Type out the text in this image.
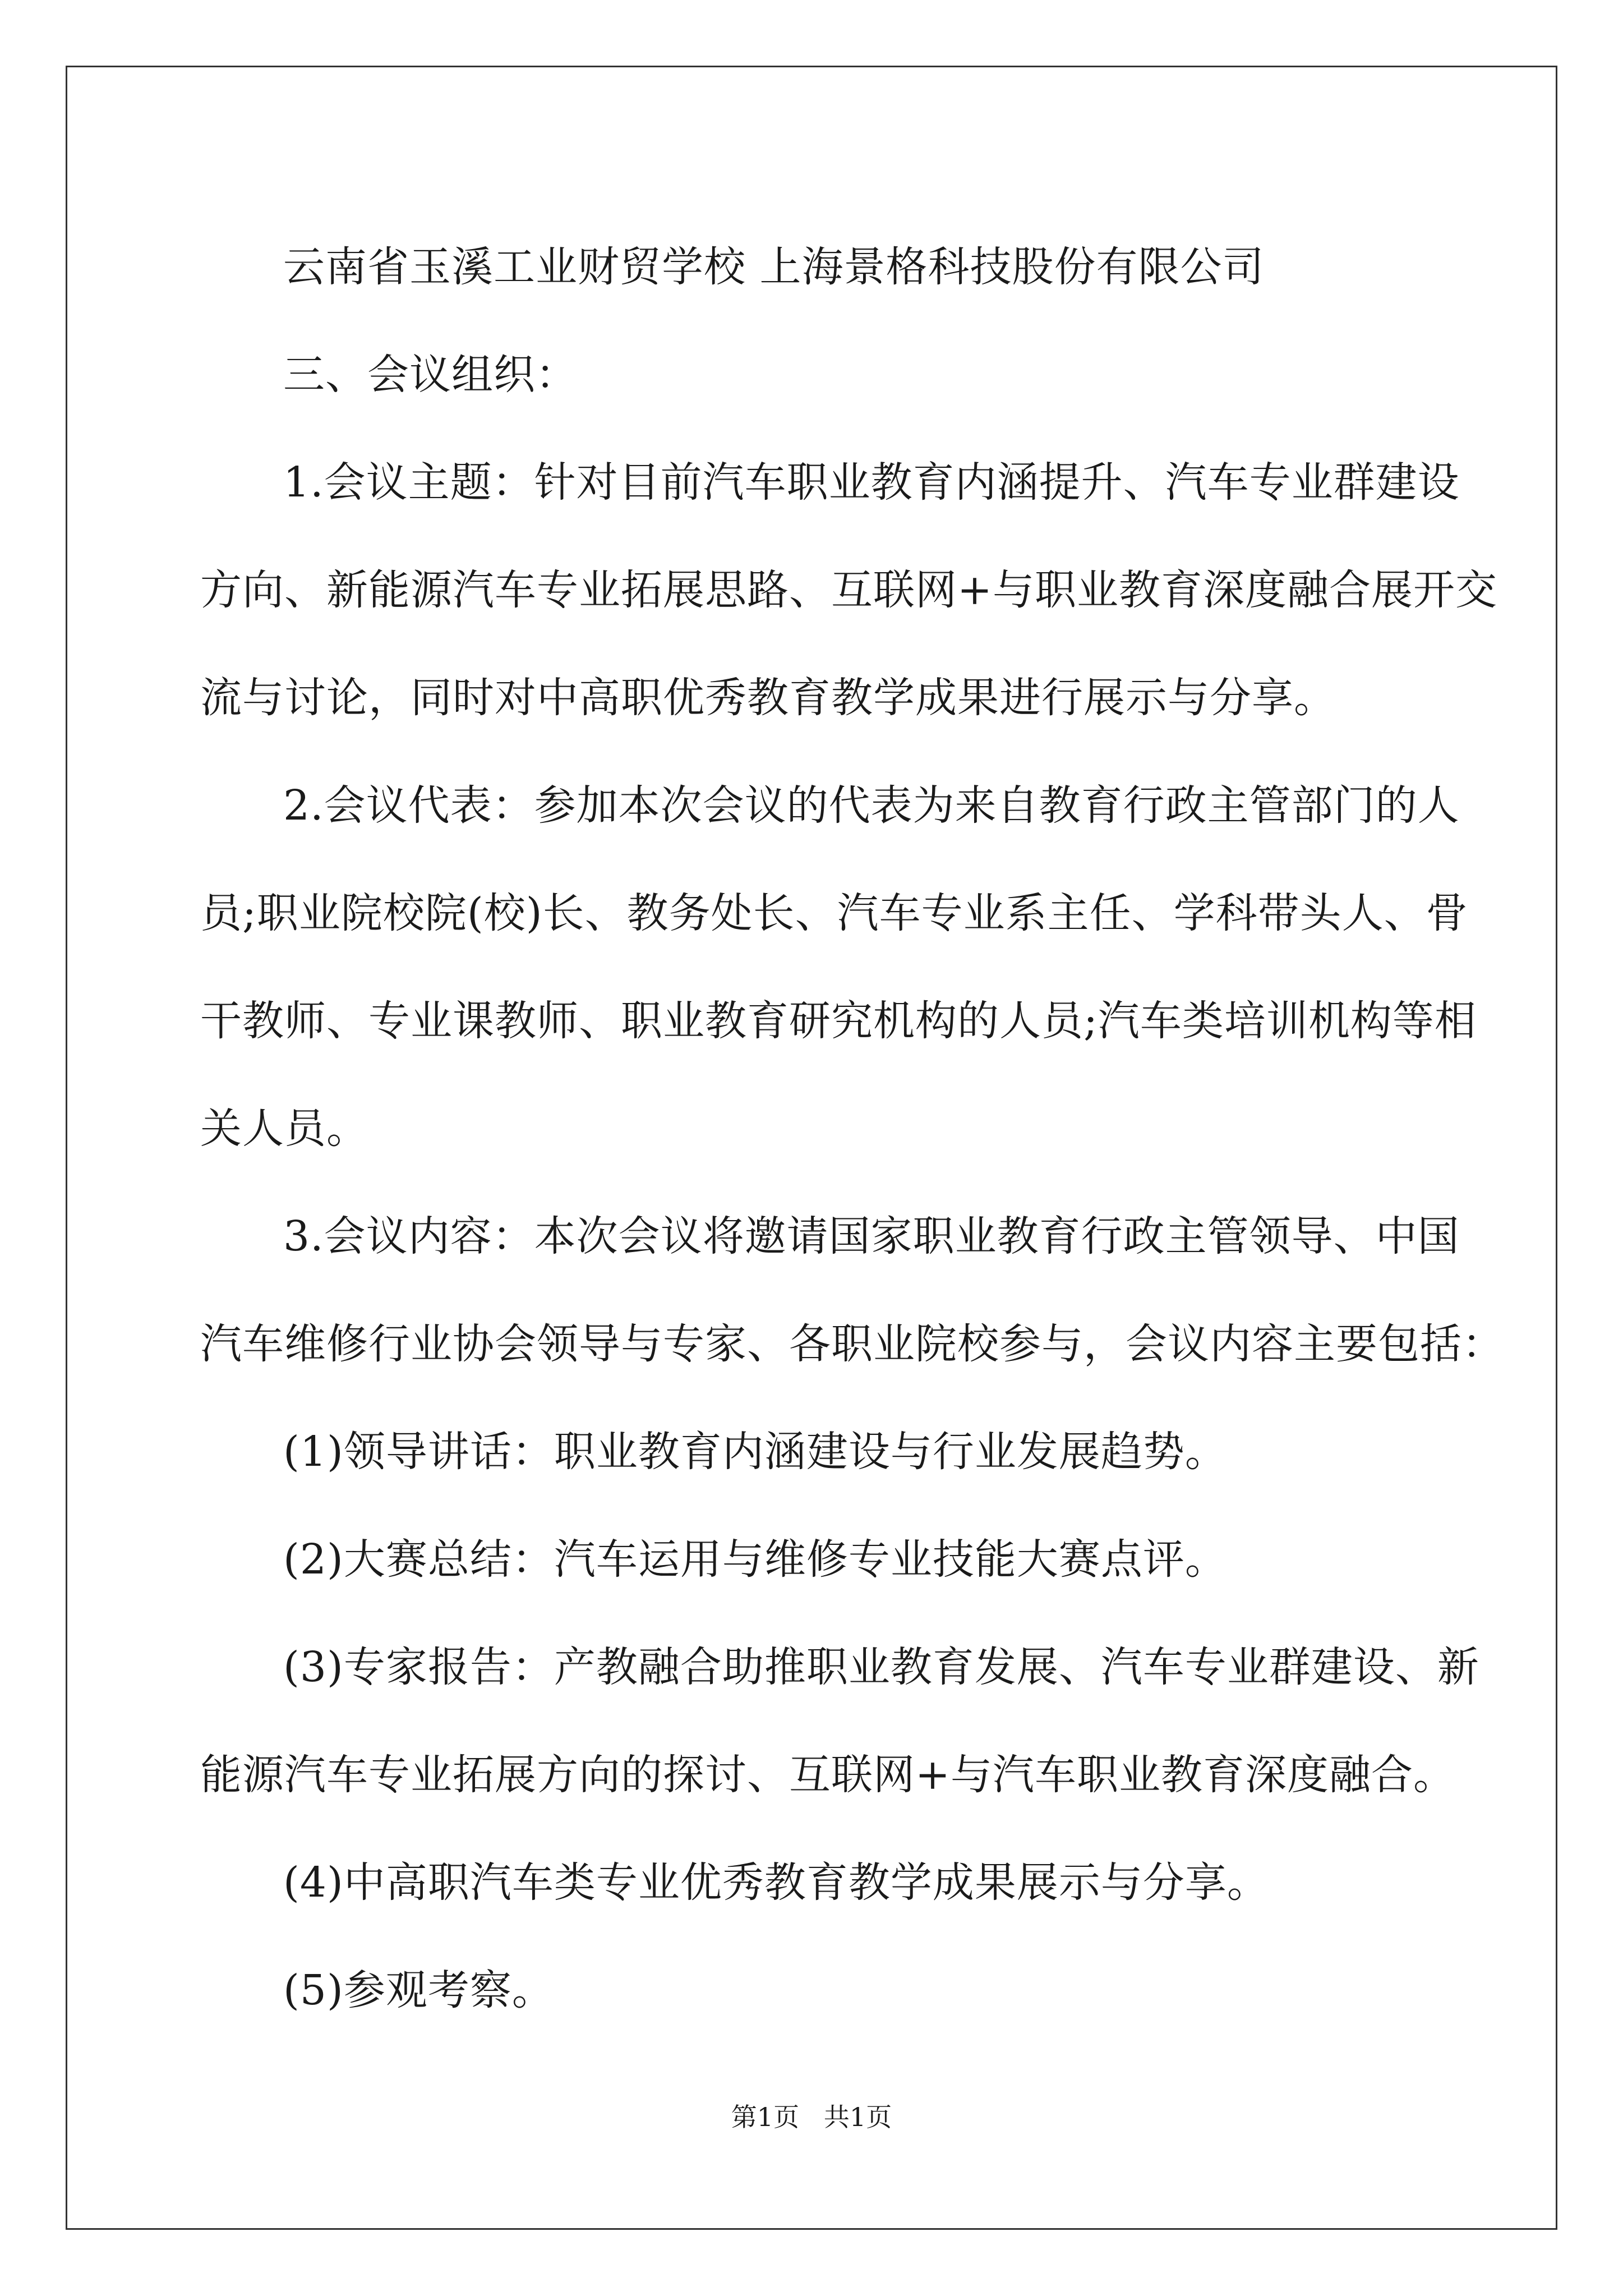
云南省玉溪工业财贸学校 上海景格科技股份有限公司
三、会议组织：
1.会议主题：针对目前汽车职业教育内涵提升、汽车专业群建设
方向、新能源汽车专业拓展思路、互联网+与职业教育深度融合展开交
流与讨论，同时对中高职优秀教育教学成果进行展示与分享。
2.会议代表：参加本次会议的代表为来自教育行政主管部门的人
员;职业院校院(校)长、教务处长、汽车专业系主任、学科带头人、骨
干教师、专业课教师、职业教育研究机构的人员;汽车类培训机构等相
关人员。
3.会议内容：本次会议将邀请国家职业教育行政主管领导、中国
汽车维修行业协会领导与专家、各职业院校参与，会议内容主要包括：
(1)领导讲话：职业教育内涵建设与行业发展趋势。
(2)大赛总结：汽车运用与维修专业技能大赛点评。
(3)专家报告：产教融合助推职业教育发展、汽车专业群建设、新
能源汽车专业拓展方向的探讨、互联网+与汽车职业教育深度融合。
(4)中高职汽车类专业优秀教育教学成果展示与分享。
(5)参观考察。

第1页   共1页
